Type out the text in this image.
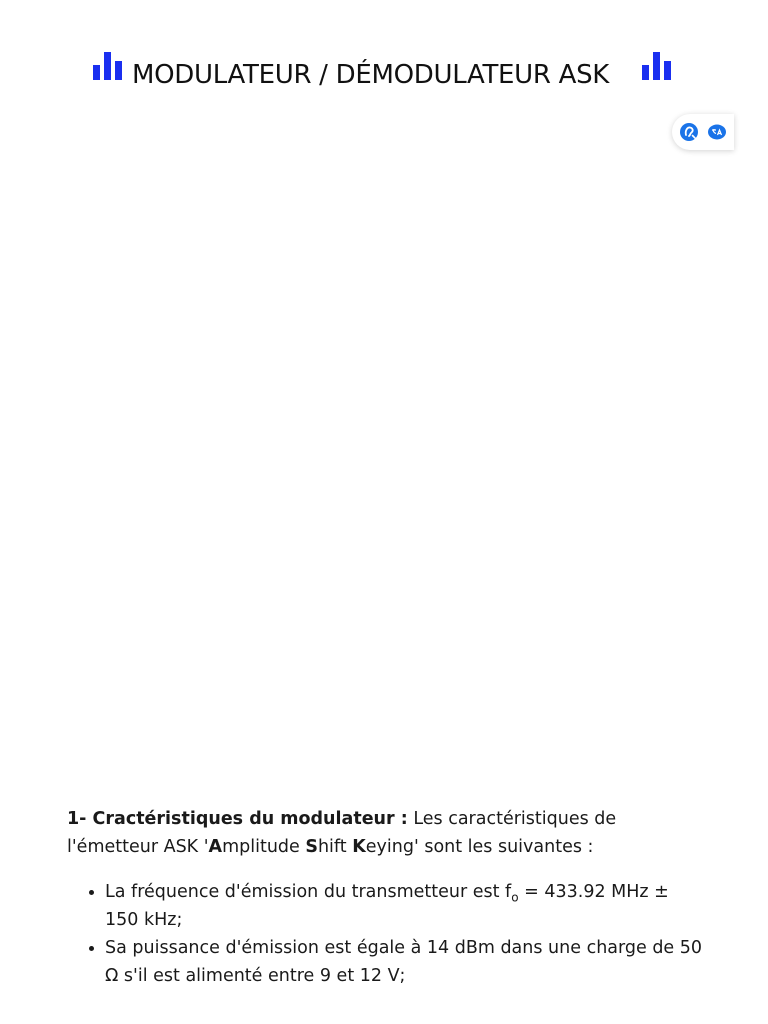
MODULATEUR / DÉMODULATEUR ASK

1- Cractéristiques du modulateur : Les caractéristiques de l'émetteur ASK 'Amplitude Shift Keying' sont les suivantes :

• La fréquence d'émission du transmetteur est $f_o = 433.92$ MHz ± 150 kHz;
• Sa puissance d'émission est égale à 14 dBm dans une charge de 50 Ω s'il est alimenté entre 9 et 12 V;
